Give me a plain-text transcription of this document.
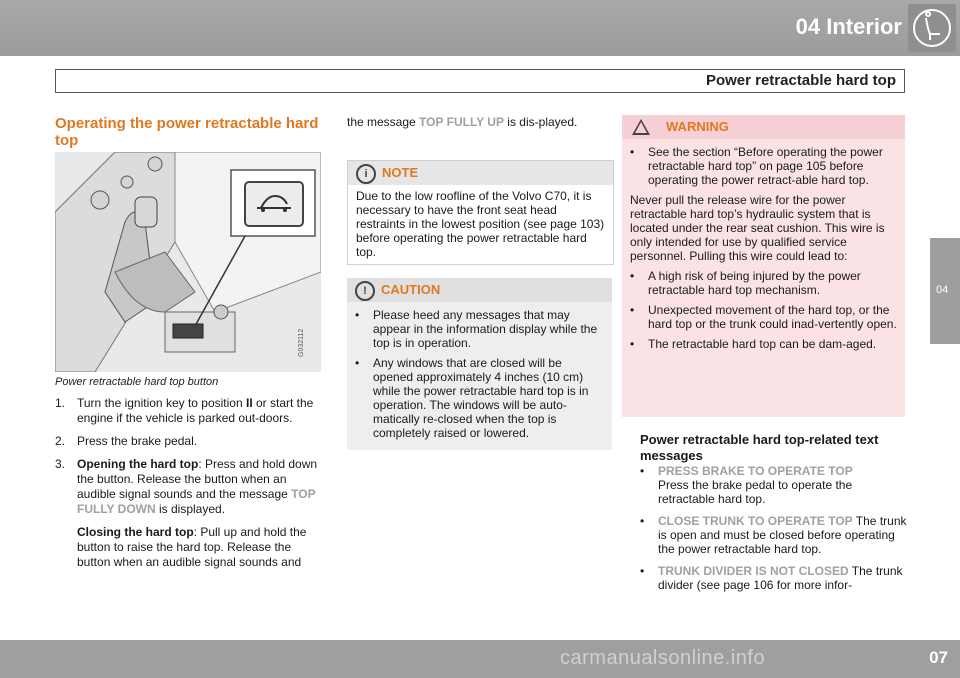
04 Interior
Power retractable hard top
04
Operating the power retractable hard top
G032112
Power retractable hard top button
1. Turn the ignition key to position II or start the engine if the vehicle is parked out-doors.
2. Press the brake pedal.
3. Opening the hard top: Press and hold down the button. Release the button when an audible signal sounds and the message TOP FULLY DOWN is displayed.
Closing the hard top: Pull up and hold the button to raise the hard top. Release the button when an audible signal sounds and
the message TOP FULLY UP is dis-played.
i	NOTE
Due to the low roofline of the Volvo C70, it is necessary to have the front seat head restraints in the lowest position (see page 103) before operating the power retractable hard top.
!	CAUTION
•	Please heed any messages that may appear in the information display while the top is in operation.
•	Any windows that are closed will be opened approximately 4 inches (10 cm) while the power retractable hard top is in operation. The windows will be auto-matically re-closed when the top is completely raised or lowered.
WARNING
•	See the section “Before operating the power retractable hard top” on page 105 before operating the power retract-able hard top.
Never pull the release wire for the power retractable hard top’s hydraulic system that is located under the rear seat cushion. This wire is only intended for use by qualified service personnel. Pulling this wire could lead to:
•	A high risk of being injured by the power retractable hard top mechanism.
•	Unexpected movement of the hard top, or the hard top or the trunk could inad-vertently open.
•	The retractable hard top can be dam-aged.
Power retractable hard top-related text messages
•	PRESS BRAKE TO OPERATE TOP
Press the brake pedal to operate the retractable hard top.
•	CLOSE TRUNK TO OPERATE TOP The trunk is open and must be closed before operating the power retractable hard top.
•	TRUNK DIVIDER IS NOT CLOSED The trunk divider (see page 106 for more infor-
07
carmanualsonline.info
